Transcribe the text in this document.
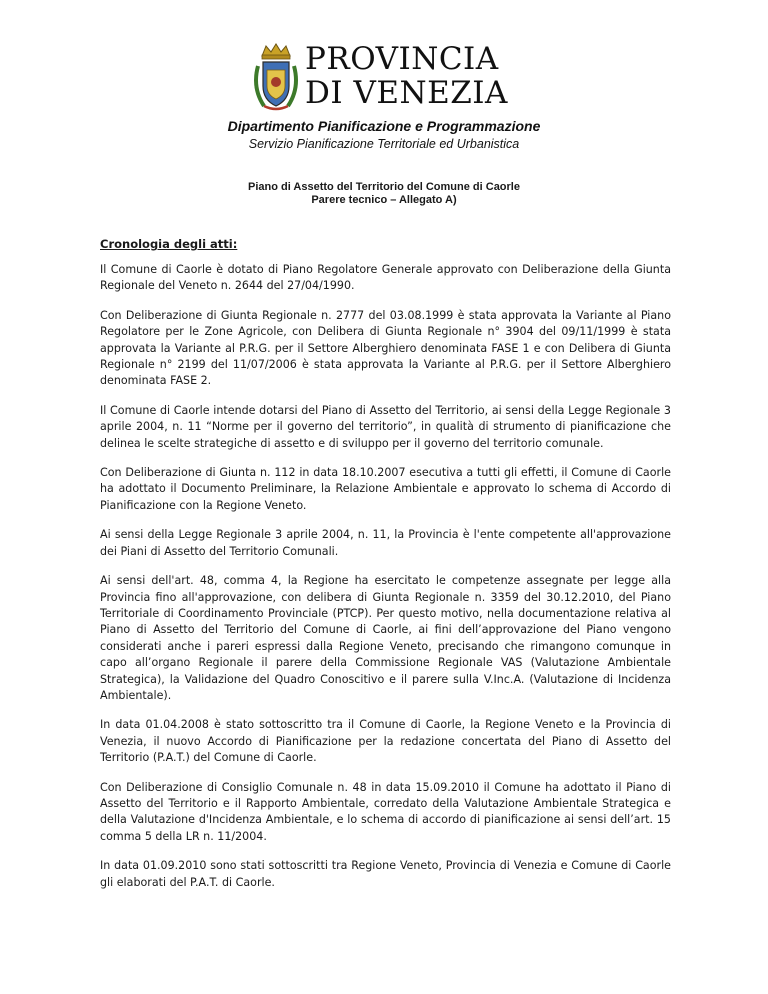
PROVINCIA
DI VENEZIA
Dipartimento Pianificazione e Programmazione
Servizio Pianificazione Territoriale ed Urbanistica
Piano di Assetto del Territorio del Comune di Caorle
Parere tecnico – Allegato A)
Cronologia degli atti:

Il Comune di Caorle è dotato di Piano Regolatore Generale approvato con Deliberazione della Giunta Regionale del Veneto n. 2644 del 27/04/1990.

Con Deliberazione di Giunta Regionale n. 2777 del 03.08.1999 è stata approvata la Variante al Piano Regolatore per le Zone Agricole, con Delibera di Giunta Regionale n° 3904 del 09/11/1999 è stata approvata la Variante al P.R.G. per il Settore Alberghiero denominata FASE 1 e con Delibera di Giunta Regionale n° 2199 del 11/07/2006 è stata approvata la Variante al P.R.G. per il Settore Alberghiero denominata FASE 2.

Il Comune di Caorle intende dotarsi del Piano di Assetto del Territorio, ai sensi della Legge Regionale 3 aprile 2004, n. 11 “Norme per il governo del territorio”, in qualità di strumento di pianificazione che delinea le scelte strategiche di assetto e di sviluppo per il governo del territorio comunale.

Con Deliberazione di Giunta n. 112 in data 18.10.2007 esecutiva a tutti gli effetti, il Comune di Caorle ha adottato il Documento Preliminare, la Relazione Ambientale e approvato lo schema di Accordo di Pianificazione con la Regione Veneto.

Ai sensi della Legge Regionale 3 aprile 2004, n. 11, la Provincia è l'ente competente all'approvazione dei Piani di Assetto del Territorio Comunali.

Ai sensi dell'art. 48, comma 4, la Regione ha esercitato le competenze assegnate per legge alla Provincia fino all'approvazione, con delibera di Giunta Regionale n. 3359 del 30.12.2010, del Piano Territoriale di Coordinamento Provinciale (PTCP). Per questo motivo, nella documentazione relativa al Piano di Assetto del Territorio del Comune di Caorle, ai fini dell’approvazione del Piano vengono considerati anche i pareri espressi dalla Regione Veneto, precisando che rimangono comunque in capo all’organo Regionale il parere della Commissione Regionale VAS (Valutazione Ambientale Strategica), la Validazione del Quadro Conoscitivo e il parere sulla V.Inc.A. (Valutazione di Incidenza Ambientale).

In data 01.04.2008 è stato sottoscritto tra il Comune di Caorle, la Regione Veneto e la Provincia di Venezia, il nuovo Accordo di Pianificazione per la redazione concertata del Piano di Assetto del Territorio (P.A.T.) del Comune di Caorle.

Con Deliberazione di Consiglio Comunale n. 48 in data 15.09.2010 il Comune ha adottato il Piano di Assetto del Territorio e il Rapporto Ambientale, corredato della Valutazione Ambientale Strategica e della Valutazione d'Incidenza Ambientale, e lo schema di accordo di pianificazione ai sensi dell’art. 15 comma 5 della LR n. 11/2004.

In data 01.09.2010 sono stati sottoscritti tra Regione Veneto, Provincia di Venezia e Comune di Caorle gli elaborati del P.A.T. di Caorle.
